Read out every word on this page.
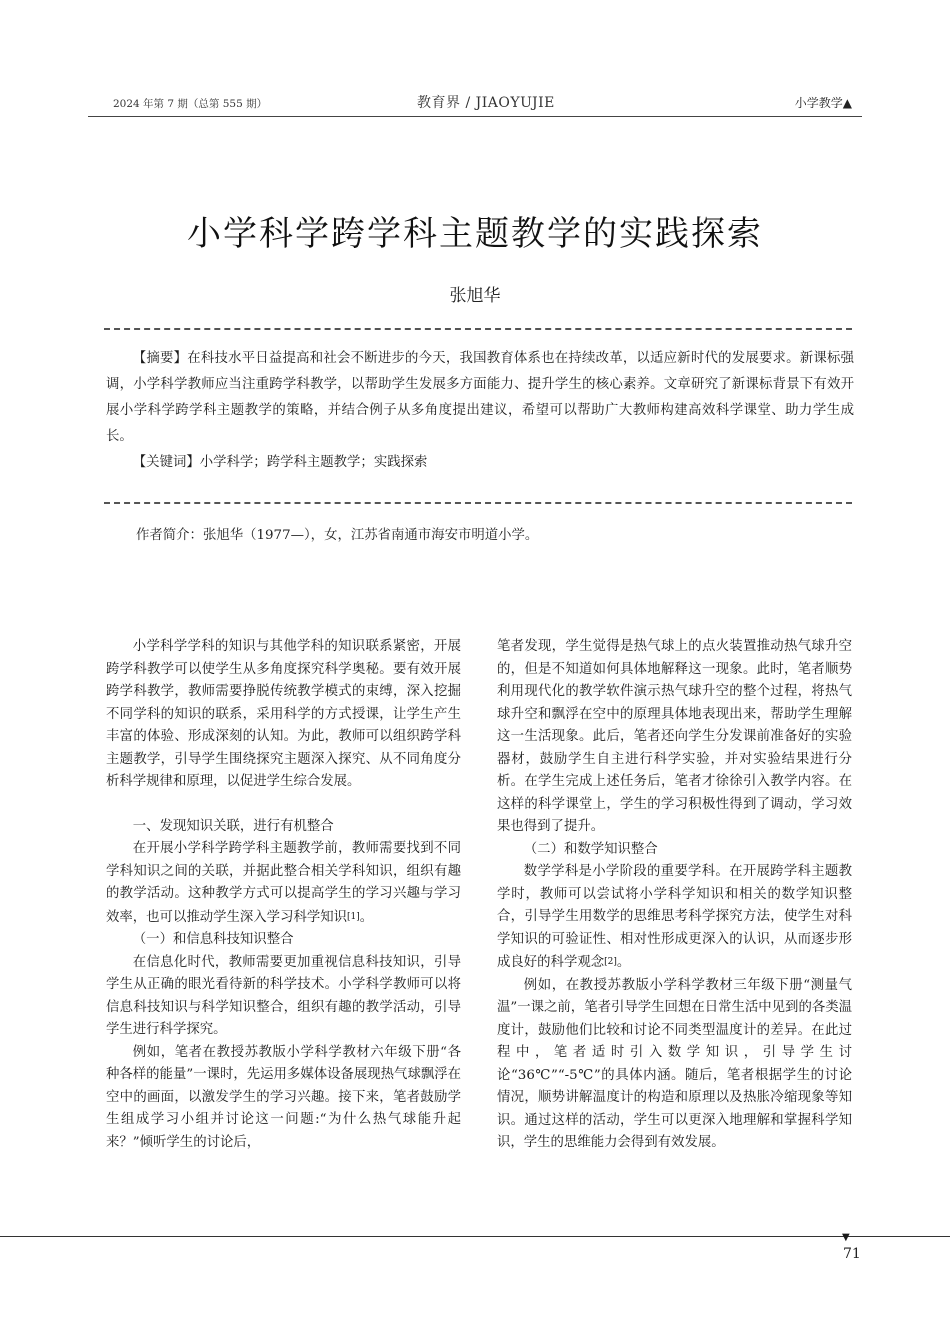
2024 年第 7 期（总第 555 期）	教育界 / JIAOYUJIE	小学教学▲
小学科学跨学科主题教学的实践探索
张旭华

【摘要】在科技水平日益提高和社会不断进步的今天，我国教育体系也在持续改革，以适应新时代的发展要求。新课标强调，小学科学教师应当注重跨学科教学，以帮助学生发展多方面能力、提升学生的核心素养。文章研究了新课标背景下有效开展小学科学跨学科主题教学的策略，并结合例子从多角度提出建议，希望可以帮助广大教师构建高效科学课堂、助力学生成长。

【关键词】小学科学；跨学科主题教学；实践探索

作者简介：张旭华（1977—），女，江苏省南通市海安市明道小学。

小学科学学科的知识与其他学科的知识联系紧密，开展跨学科教学可以使学生从多角度探究科学奥秘。要有效开展跨学科教学，教师需要挣脱传统教学模式的束缚，深入挖掘不同学科的知识的联系，采用科学的方式授课，让学生产生丰富的体验、形成深刻的认知。为此，教师可以组织跨学科主题教学，引导学生围绕探究主题深入探究、从不同角度分析科学规律和原理，以促进学生综合发展。

一、发现知识关联，进行有机整合

在开展小学科学跨学科主题教学前，教师需要找到不同学科知识之间的关联，并据此整合相关学科知识，组织有趣的教学活动。这种教学方式可以提高学生的学习兴趣与学习效率，也可以推动学生深入学习科学知识[1]。

（一）和信息科技知识整合

在信息化时代，教师需要更加重视信息科技知识，引导学生从正确的眼光看待新的科学技术。小学科学教师可以将信息科技知识与科学知识整合，组织有趣的教学活动，引导学生进行科学探究。

例如，笔者在教授苏教版小学科学教材六年级下册“各种各样的能量”一课时，先运用多媒体设备展现热气球飘浮在空中的画面，以激发学生的学习兴趣。接下来，笔者鼓励学生组成学习小组并讨论这一问题:“为什么热气球能升起来？”倾听学生的讨论后，

笔者发现，学生觉得是热气球上的点火装置推动热气球升空的，但是不知道如何具体地解释这一现象。此时，笔者顺势利用现代化的教学软件演示热气球升空的整个过程，将热气球升空和飘浮在空中的原理具体地表现出来，帮助学生理解这一生活现象。此后，笔者还向学生分发课前准备好的实验器材，鼓励学生自主进行科学实验，并对实验结果进行分析。在学生完成上述任务后，笔者才徐徐引入教学内容。在这样的科学课堂上，学生的学习积极性得到了调动，学习效果也得到了提升。

（二）和数学知识整合

数学学科是小学阶段的重要学科。在开展跨学科主题教学时，教师可以尝试将小学科学知识和相关的数学知识整合，引导学生用数学的思维思考科学探究方法，使学生对科学知识的可验证性、相对性形成更深入的认识，从而逐步形成良好的科学观念[2]。

例如，在教授苏教版小学科学教材三年级下册“测量气温”一课之前，笔者引导学生回想在日常生活中见到的各类温度计，鼓励他们比较和讨论不同类型温度计的差异。在此过程中，笔者适时引入数学知识，引导学生讨论“36℃”“-5℃”的具体内涵。随后，笔者根据学生的讨论情况，顺势讲解温度计的构造和原理以及热胀冷缩现象等知识。通过这样的活动，学生可以更深入地理解和掌握科学知识，学生的思维能力会得到有效发展。

▼
71
